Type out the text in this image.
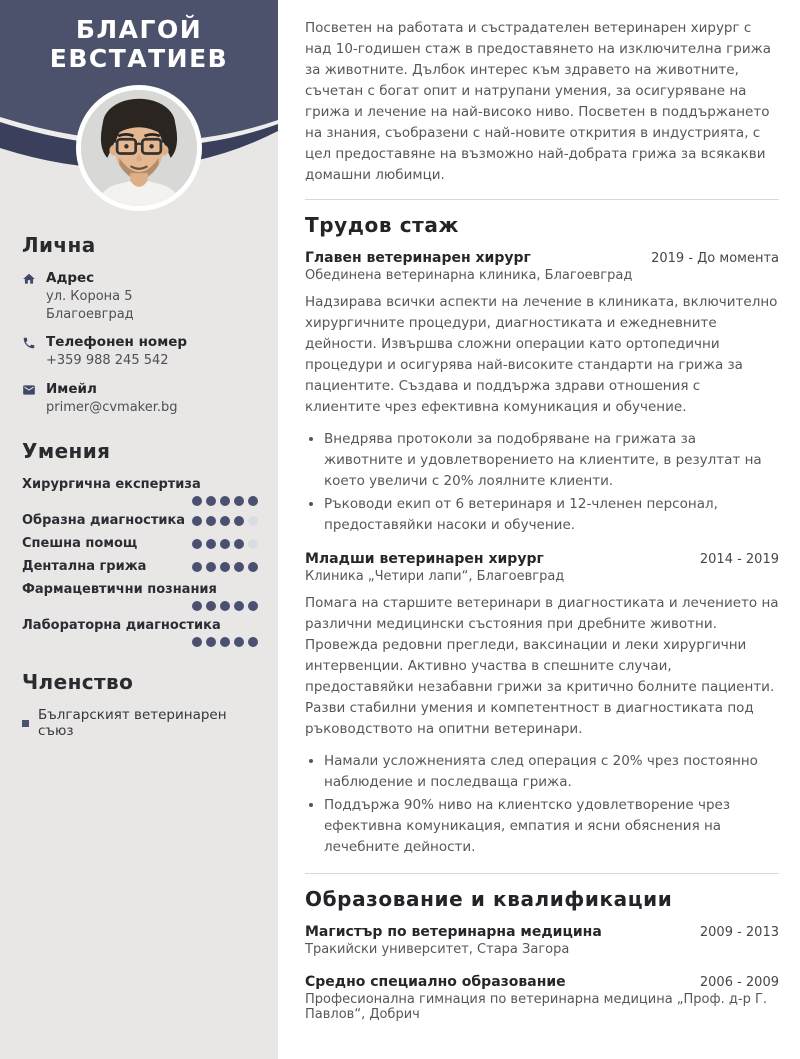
БЛАГОЙ
ЕВСТАТИЕВ
Лична
Адрес
ул. Корона 5
Благоевград
Телефонен номер
+359 988 245 542
Имейл
primer@cvmaker.bg
Умения
Хирургична експертиза
Образна диагностика
Спешна помощ
Дентална грижа
Фармацевтични познания
Лабораторна диагностика
Членство
Българският ветеринарен съюз

Посветен на работата и състрадателен ветеринарен хирург с над 10-годишен стаж в предоставянето на изключителна грижа за животните. Дълбок интерес към здравето на животните, съчетан с богат опит и натрупани умения, за осигуряване на грижа и лечение на най-високо ниво. Посветен в поддържането на знания, съобразени с най-новите открития в индустрията, с цел предоставяне на възможно най-добрата грижа за всякакви домашни любимци.

Трудов стаж
Главен ветеринарен хирург	2019 - До момента

Обединена ветеринарна клиника, Благоевград

Надзирава всички аспекти на лечение в клиниката, включително хирургичните процедури, диагностиката и ежедневните дейности. Извършва сложни операции като ортопедични процедури и осигурява най-високите стандарти на грижа за пациентите. Създава и поддържа здрави отношения с клиентите чрез ефективна комуникация и обучение.

• Внедрява протоколи за подобряване на грижата за животните и удовлетворението на клиентите, в резултат на което увеличи с 20% лоялните клиенти.
• Ръководи екип от 6 ветеринаря и 12-членен персонал, предоставяйки насоки и обучение.
Младши ветеринарен хирург	2014 - 2019

Клиника „Четири лапи“, Благоевград

Помага на старшите ветеринари в диагностиката и лечението на различни медицински състояния при дребните животни. Провежда редовни прегледи, ваксинации и леки хирургични интервенции. Активно участва в спешните случаи, предоставяйки незабавни грижи за критично болните пациенти. Разви стабилни умения и компетентност в диагностиката под ръководството на опитни ветеринари.

• Намали усложненията след операция с 20% чрез постоянно наблюдение и последваща грижа.
• Поддържа 90% ниво на клиентско удовлетворение чрез ефективна комуникация, емпатия и ясни обяснения на лечебните дейности.
Образование и квалификации
Магистър по ветеринарна медицина	2009 - 2013

Тракийски университет, Стара Загора

Средно специално образование	2006 - 2009

Професионална гимнация по ветеринарна медицина „Проф. д-р Г. Павлов“, Добрич
